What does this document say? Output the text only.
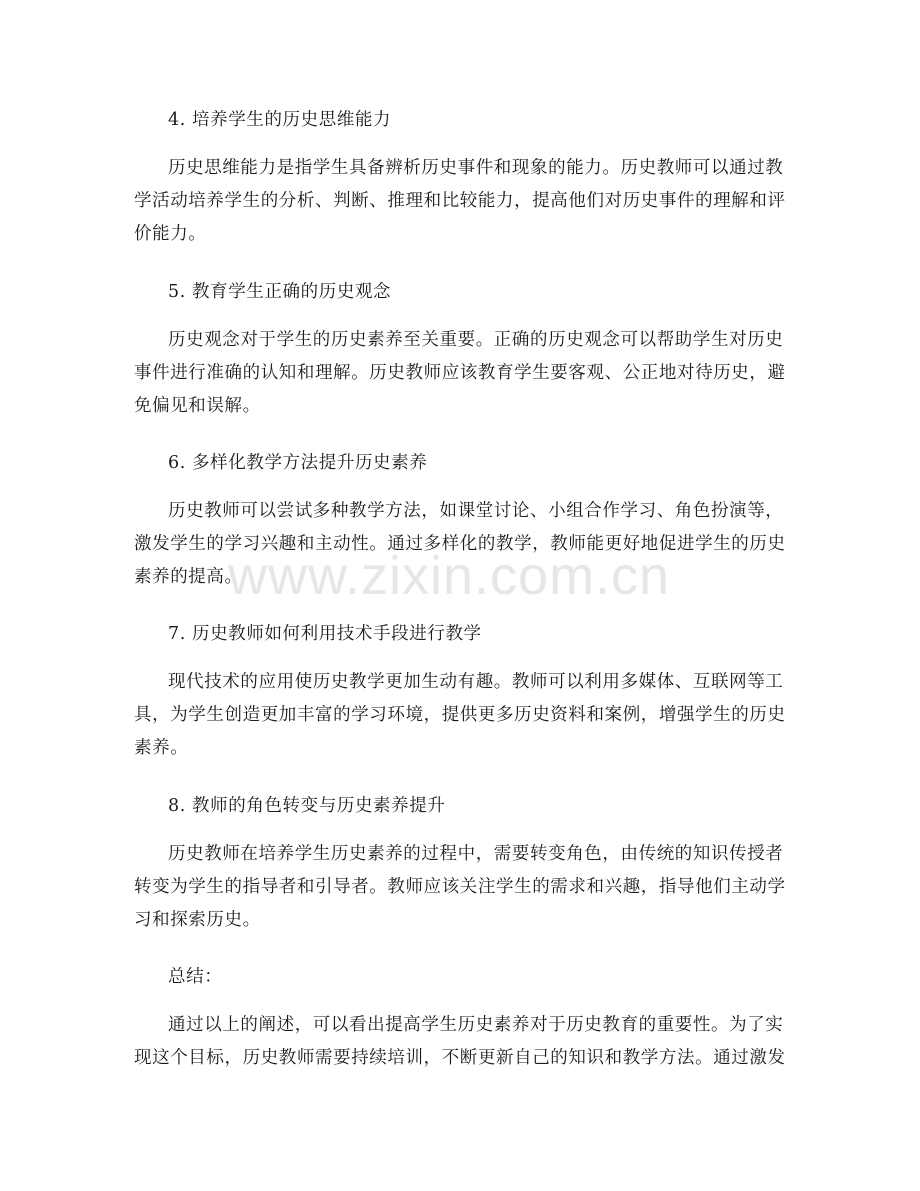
www.zixin.com.cn
4. 培养学生的历史思维能力
历史思维能力是指学生具备辨析历史事件和现象的能力。历史教师可以通过教学活动培养学生的分析、判断、推理和比较能力，提高他们对历史事件的理解和评价能力。
5. 教育学生正确的历史观念
历史观念对于学生的历史素养至关重要。正确的历史观念可以帮助学生对历史事件进行准确的认知和理解。历史教师应该教育学生要客观、公正地对待历史，避免偏见和误解。
6. 多样化教学方法提升历史素养
历史教师可以尝试多种教学方法，如课堂讨论、小组合作学习、角色扮演等，激发学生的学习兴趣和主动性。通过多样化的教学，教师能更好地促进学生的历史素养的提高。
7. 历史教师如何利用技术手段进行教学
现代技术的应用使历史教学更加生动有趣。教师可以利用多媒体、互联网等工具，为学生创造更加丰富的学习环境，提供更多历史资料和案例，增强学生的历史素养。
8. 教师的角色转变与历史素养提升
历史教师在培养学生历史素养的过程中，需要转变角色，由传统的知识传授者转变为学生的指导者和引导者。教师应该关注学生的需求和兴趣，指导他们主动学习和探索历史。
总结：
通过以上的阐述，可以看出提高学生历史素养对于历史教育的重要性。为了实现这个目标，历史教师需要持续培训，不断更新自己的知识和教学方法。通过激发
